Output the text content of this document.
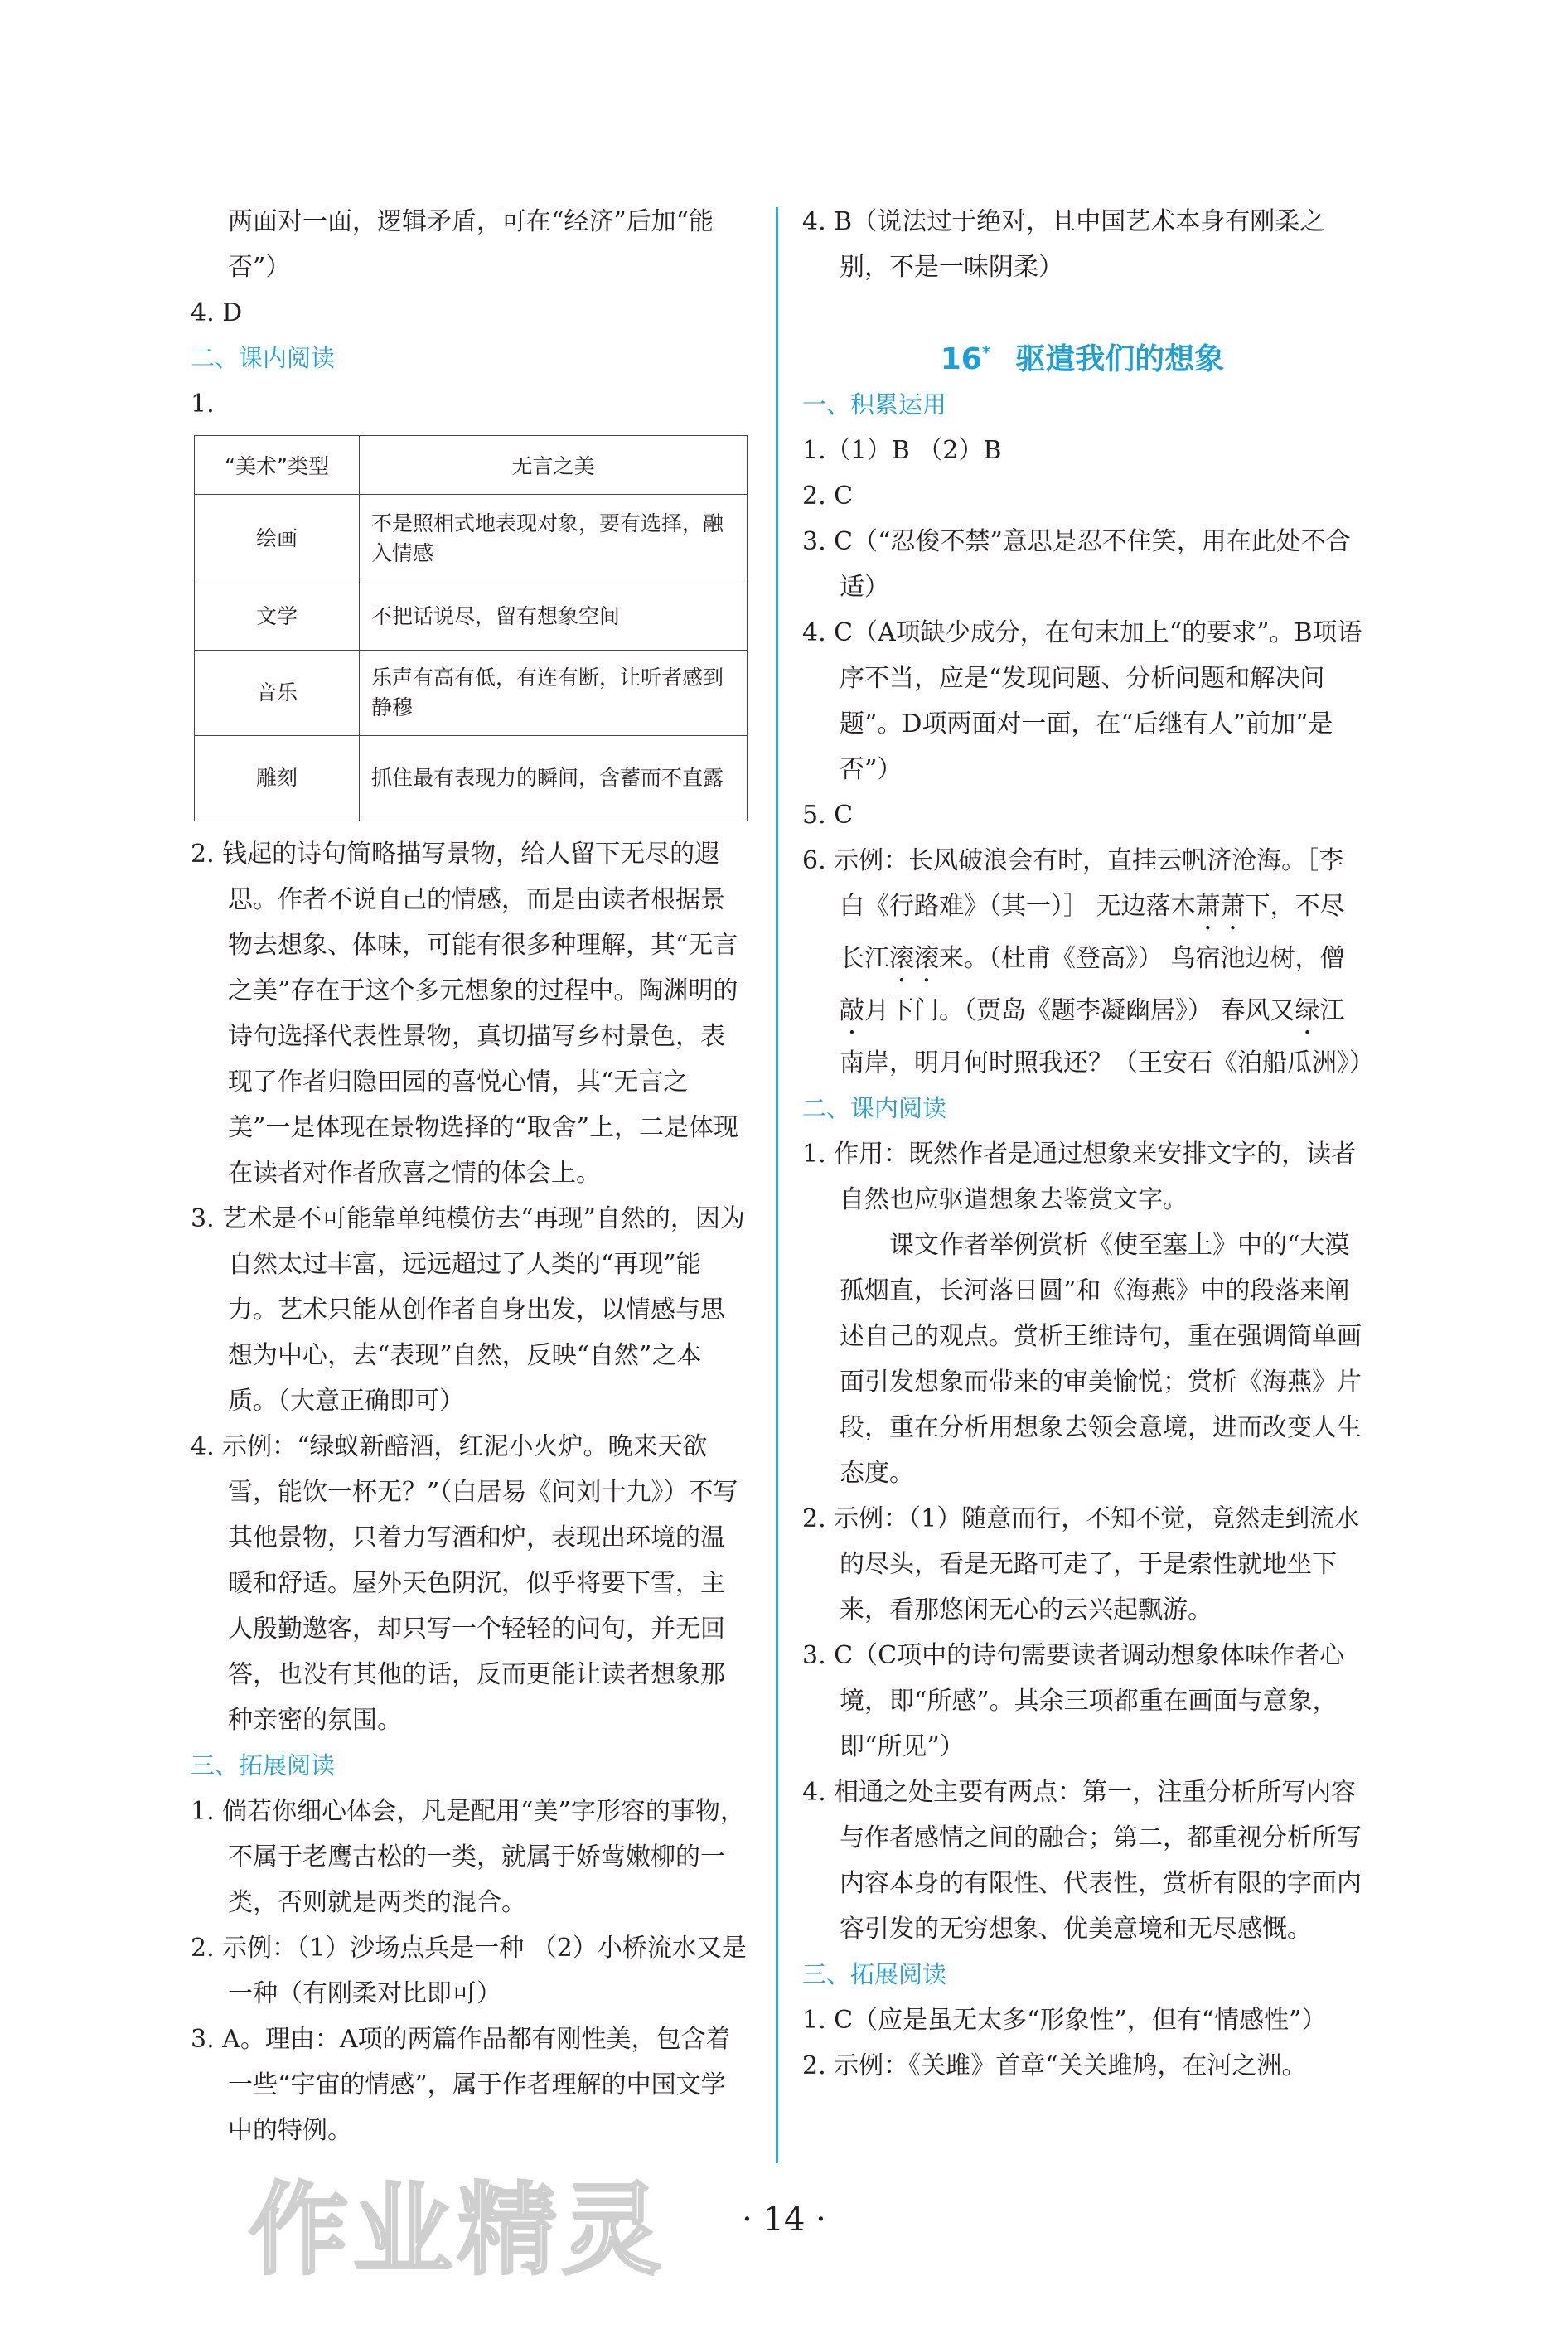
两面对一面，逻辑矛盾，可在“经济”后加“能否”）

4. D

二、课内阅读

1.

“美术”类型	无言之美
绘画	不是照相式地表现对象，要有选择，融入情感
文学	不把话说尽，留有想象空间
音乐	乐声有高有低，有连有断，让听者感到静穆
雕刻	抓住最有表现力的瞬间，含蓄而不直露

2. 钱起的诗句简略描写景物，给人留下无尽的遐思。作者不说自己的情感，而是由读者根据景物去想象、体味，可能有很多种理解，其“无言之美”存在于这个多元想象的过程中。陶渊明的诗句选择代表性景物，真切描写乡村景色，表现了作者归隐田园的喜悦心情，其“无言之美”一是体现在景物选择的“取舍”上，二是体现在读者对作者欣喜之情的体会上。

3. 艺术是不可能靠单纯模仿去“再现”自然的，因为自然太过丰富，远远超过了人类的“再现”能力。艺术只能从创作者自身出发，以情感与思想为中心，去“表现”自然，反映“自然”之本质。（大意正确即可）

4. 示例：“绿蚁新醅酒，红泥小火炉。晚来天欲雪，能饮一杯无？”（白居易《问刘十九》）不写其他景物，只着力写酒和炉，表现出环境的温暖和舒适。屋外天色阴沉，似乎将要下雪，主人殷勤邀客，却只写一个轻轻的问句，并无回答，也没有其他的话，反而更能让读者想象那种亲密的氛围。

三、拓展阅读

1. 倘若你细心体会，凡是配用“美”字形容的事物，不属于老鹰古松的一类，就属于娇莺嫩柳的一类，否则就是两类的混合。

2. 示例：（1）沙场点兵是一种 （2）小桥流水又是一种（有刚柔对比即可）

3. A。理由：A项的两篇作品都有刚性美，包含着一些“宇宙的情感”，属于作者理解的中国文学中的特例。

4. B（说法过于绝对，且中国艺术本身有刚柔之别，不是一味阴柔）

16* 驱遣我们的想象
一、积累运用

1.（1）B （2）B

2. C

3. C（“忍俊不禁”意思是忍不住笑，用在此处不合适）

4. C（A项缺少成分，在句末加上“的要求”。B项语序不当，应是“发现问题、分析问题和解决问题”。D项两面对一面，在“后继有人”前加“是否”）

5. C

6. 示例：长风破浪会有时，直挂云帆济沧海。［李白《行路难》（其一）］ 无边落木萧萧下，不尽长江滚滚来。（杜甫《登高》） 鸟宿池边树，僧敲月下门。（贾岛《题李凝幽居》） 春风又绿江南岸，明月何时照我还？（王安石《泊船瓜洲》）

二、课内阅读

1. 作用：既然作者是通过想象来安排文字的，读者自然也应驱遣想象去鉴赏文字。

课文作者举例赏析《使至塞上》中的“大漠孤烟直，长河落日圆”和《海燕》中的段落来阐述自己的观点。赏析王维诗句，重在强调简单画面引发想象而带来的审美愉悦；赏析《海燕》片段，重在分析用想象去领会意境，进而改变人生态度。

2. 示例：（1）随意而行，不知不觉，竟然走到流水的尽头，看是无路可走了，于是索性就地坐下来，看那悠闲无心的云兴起飘游。

3. C（C项中的诗句需要读者调动想象体味作者心境，即“所感”。其余三项都重在画面与意象，即“所见”）

4. 相通之处主要有两点：第一，注重分析所写内容与作者感情之间的融合；第二，都重视分析所写内容本身的有限性、代表性，赏析有限的字面内容引发的无穷想象、优美意境和无尽感慨。

三、拓展阅读

1. C（应是虽无太多“形象性”，但有“情感性”）

2. 示例：《关雎》首章“关关雎鸠，在河之洲。

作业精灵	· 14 ·
